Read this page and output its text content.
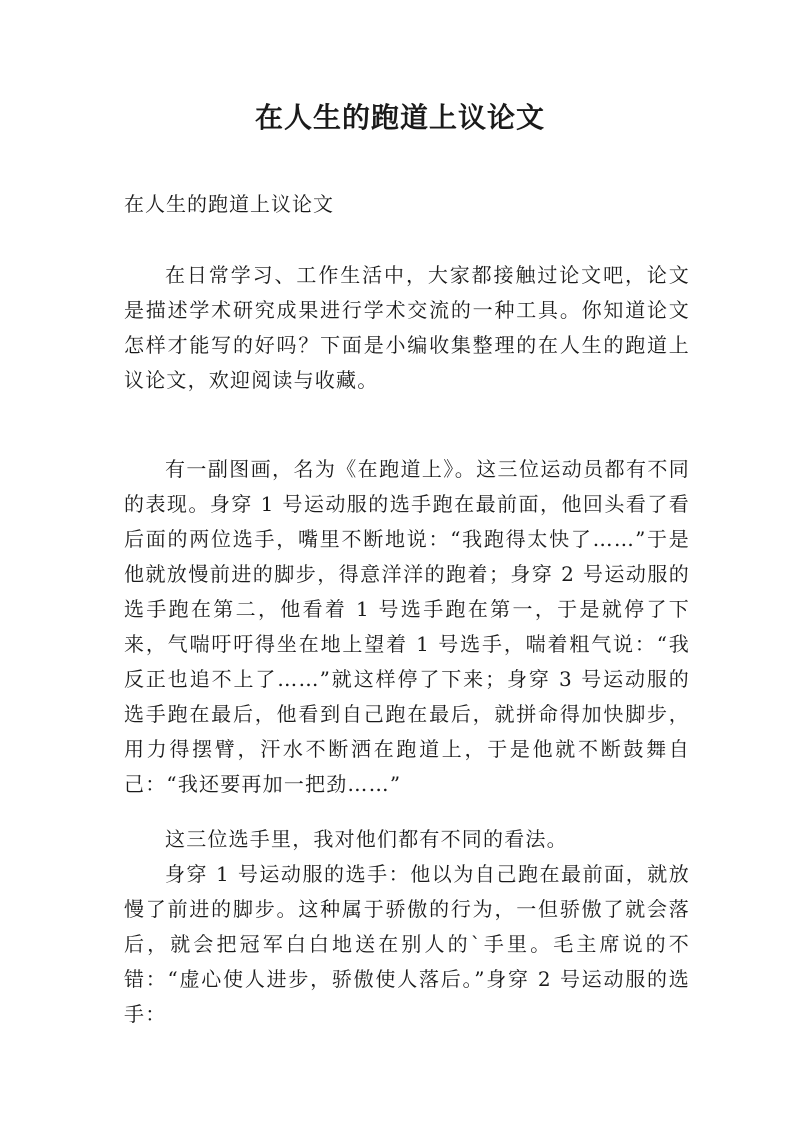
在人生的跑道上议论文
在人生的跑道上议论文

在日常学习、工作生活中，大家都接触过论文吧，论文是描述学术研究成果进行学术交流的一种工具。你知道论文怎样才能写的好吗？下面是小编收集整理的在人生的跑道上议论文，欢迎阅读与收藏。

有一副图画，名为《在跑道上》。这三位运动员都有不同的表现。身穿 1 号运动服的选手跑在最前面，他回头看了看后面的两位选手，嘴里不断地说：“我跑得太快了……”于是他就放慢前进的脚步，得意洋洋的跑着；身穿 2 号运动服的选手跑在第二，他看着 1 号选手跑在第一，于是就停了下来，气喘吁吁得坐在地上望着 1 号选手，喘着粗气说：“我反正也追不上了……”就这样停了下来；身穿 3 号运动服的选手跑在最后，他看到自己跑在最后，就拼命得加快脚步，用力得摆臂，汗水不断洒在跑道上，于是他就不断鼓舞自己：“我还要再加一把劲……”

这三位选手里，我对他们都有不同的看法。

身穿 1 号运动服的选手：他以为自己跑在最前面，就放慢了前进的脚步。这种属于骄傲的行为，一但骄傲了就会落后，就会把冠军白白地送在别人的`手里。毛主席说的不错：“虚心使人进步，骄傲使人落后。”身穿 2 号运动服的选手：
